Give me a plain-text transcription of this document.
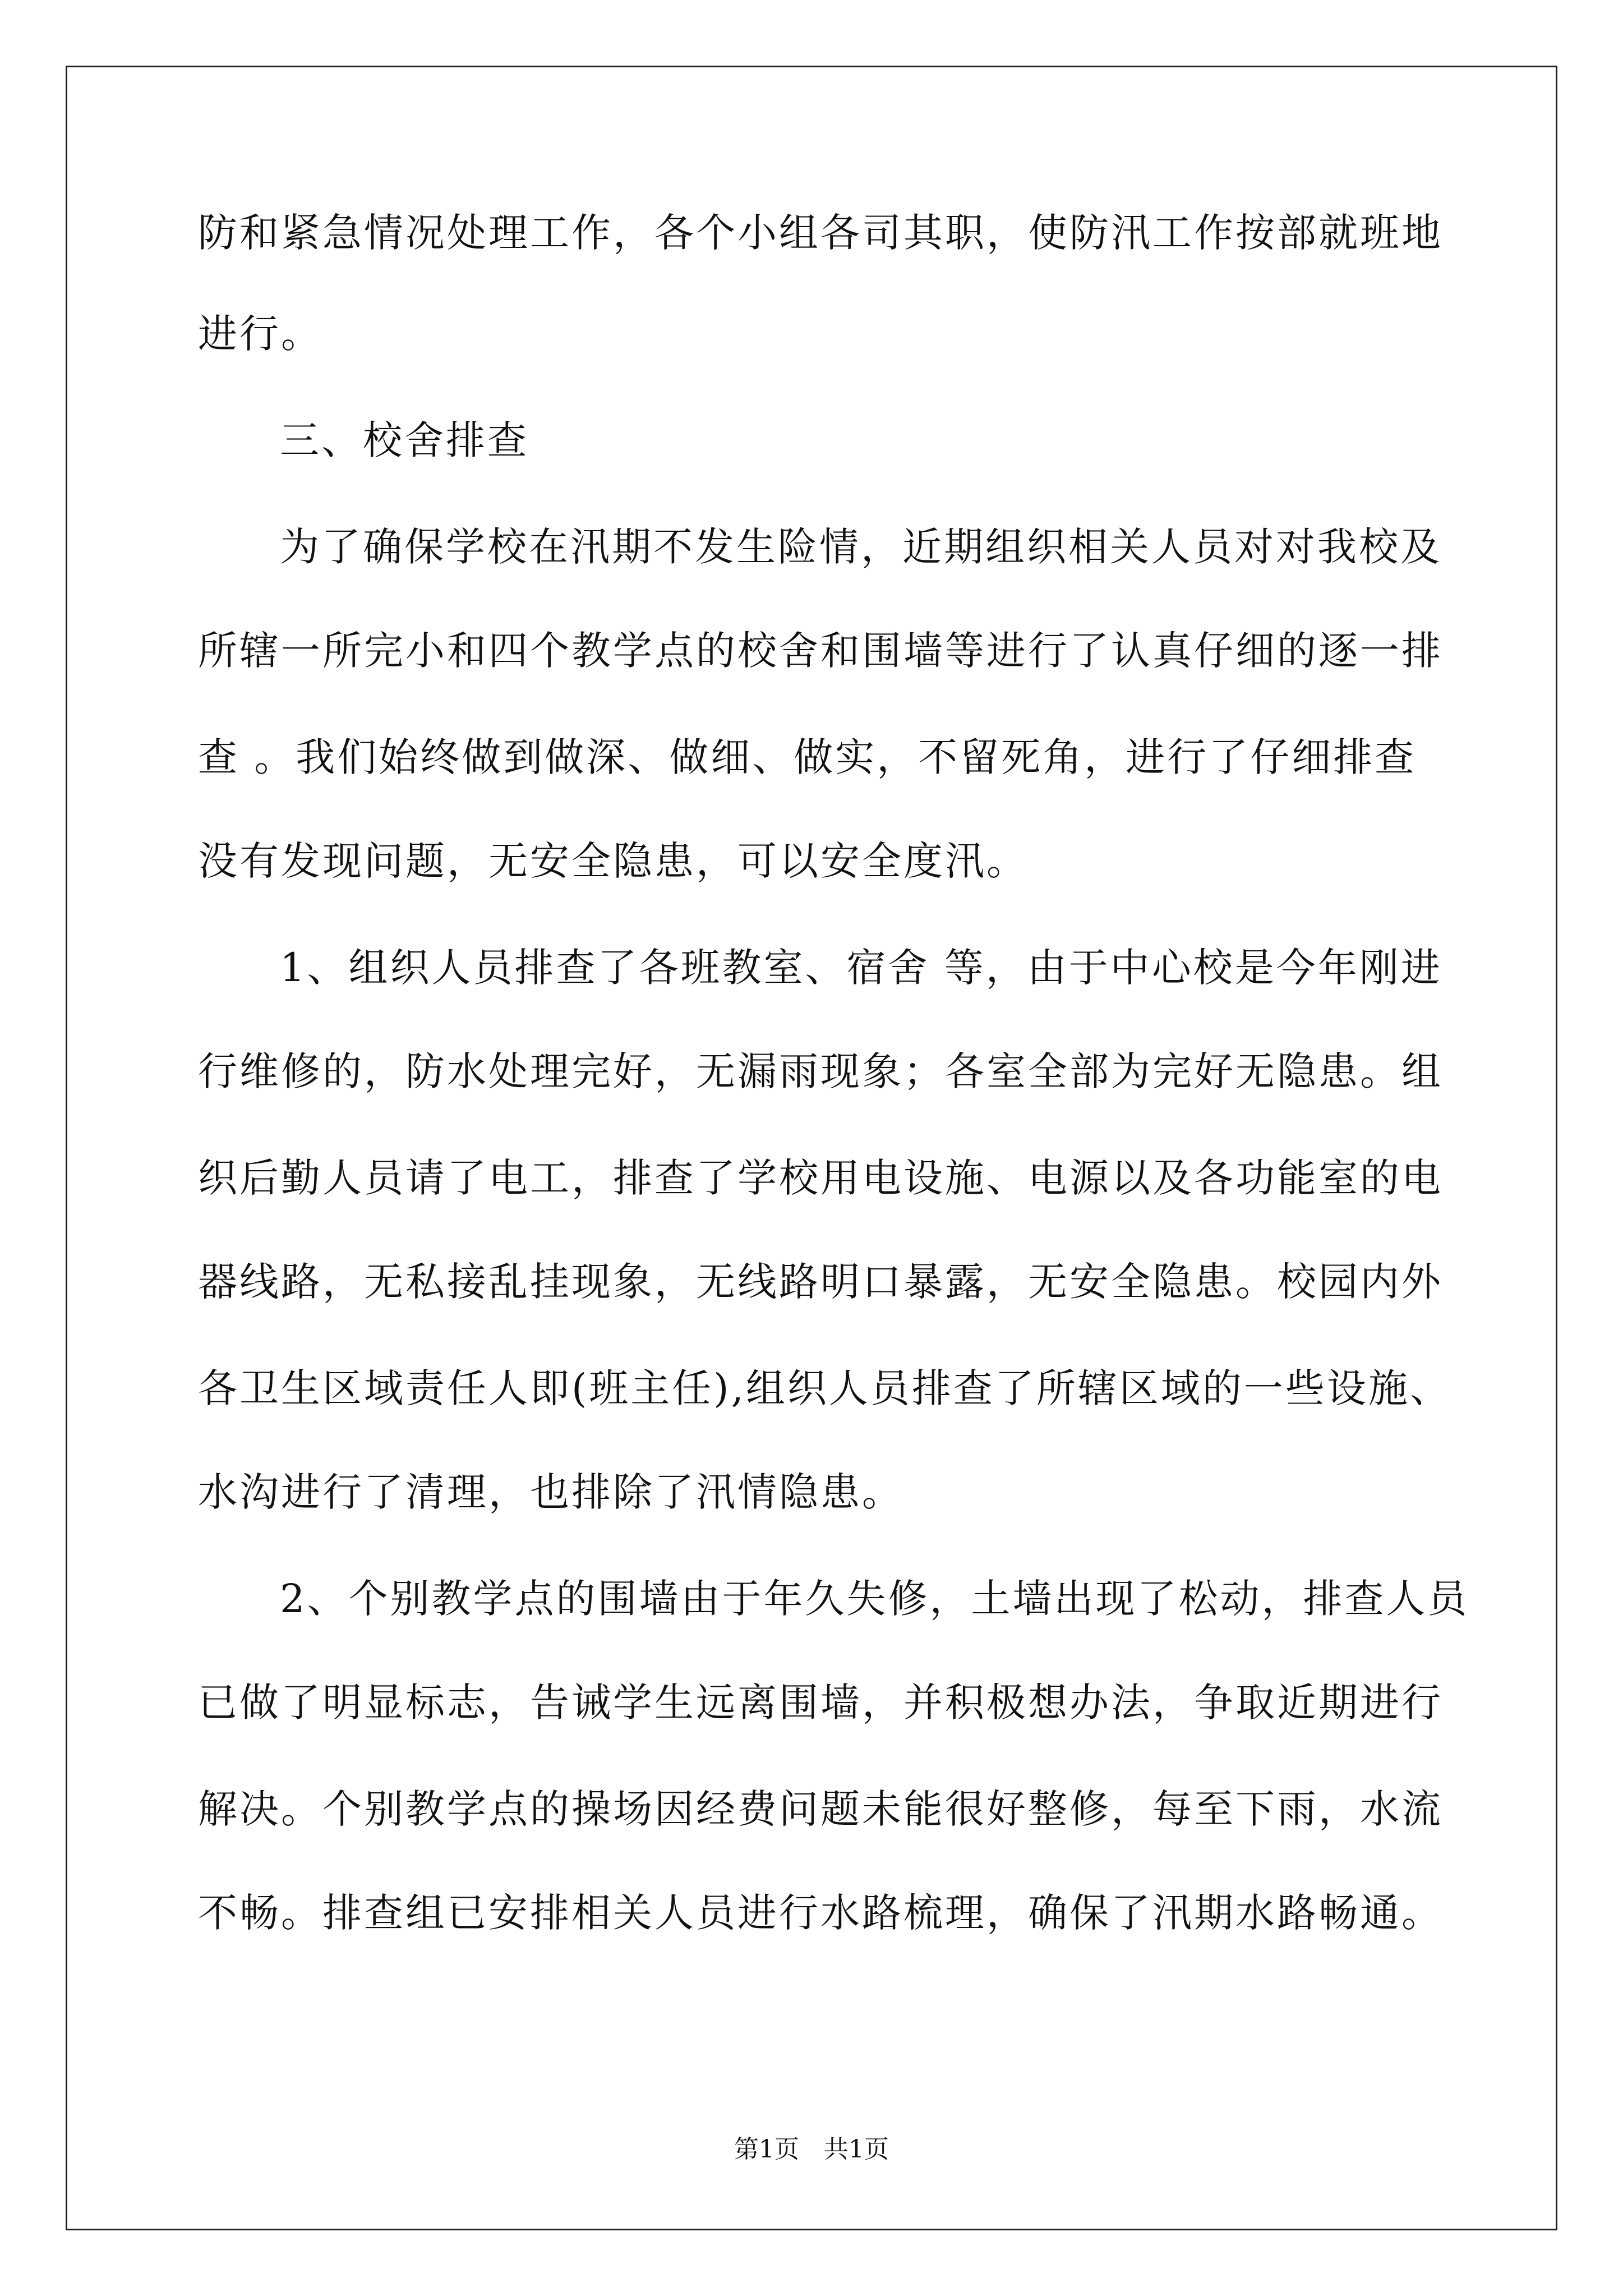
防和紧急情况处理工作，各个小组各司其职，使防汛工作按部就班地
进行。
三、校舍排查
为了确保学校在汛期不发生险情，近期组织相关人员对对我校及
所辖一所完小和四个教学点的校舍和围墙等进行了认真仔细的逐一排
查 。我们始终做到做深、做细、做实，不留死角，进行了仔细排查
没有发现问题，无安全隐患，可以安全度汛。
1、组织人员排查了各班教室、宿舍 等，由于中心校是今年刚进
行维修的，防水处理完好，无漏雨现象；各室全部为完好无隐患。组
织后勤人员请了电工，排查了学校用电设施、电源以及各功能室的电
器线路，无私接乱挂现象，无线路明口暴露，无安全隐患。校园内外
各卫生区域责任人即(班主任),组织人员排查了所辖区域的一些设施、
水沟进行了清理，也排除了汛情隐患。
2、个别教学点的围墙由于年久失修，土墙出现了松动，排查人员
已做了明显标志，告诫学生远离围墙，并积极想办法，争取近期进行
解决。个别教学点的操场因经费问题未能很好整修，每至下雨，水流
不畅。排查组已安排相关人员进行水路梳理，确保了汛期水路畅通。
第1页　共1页
